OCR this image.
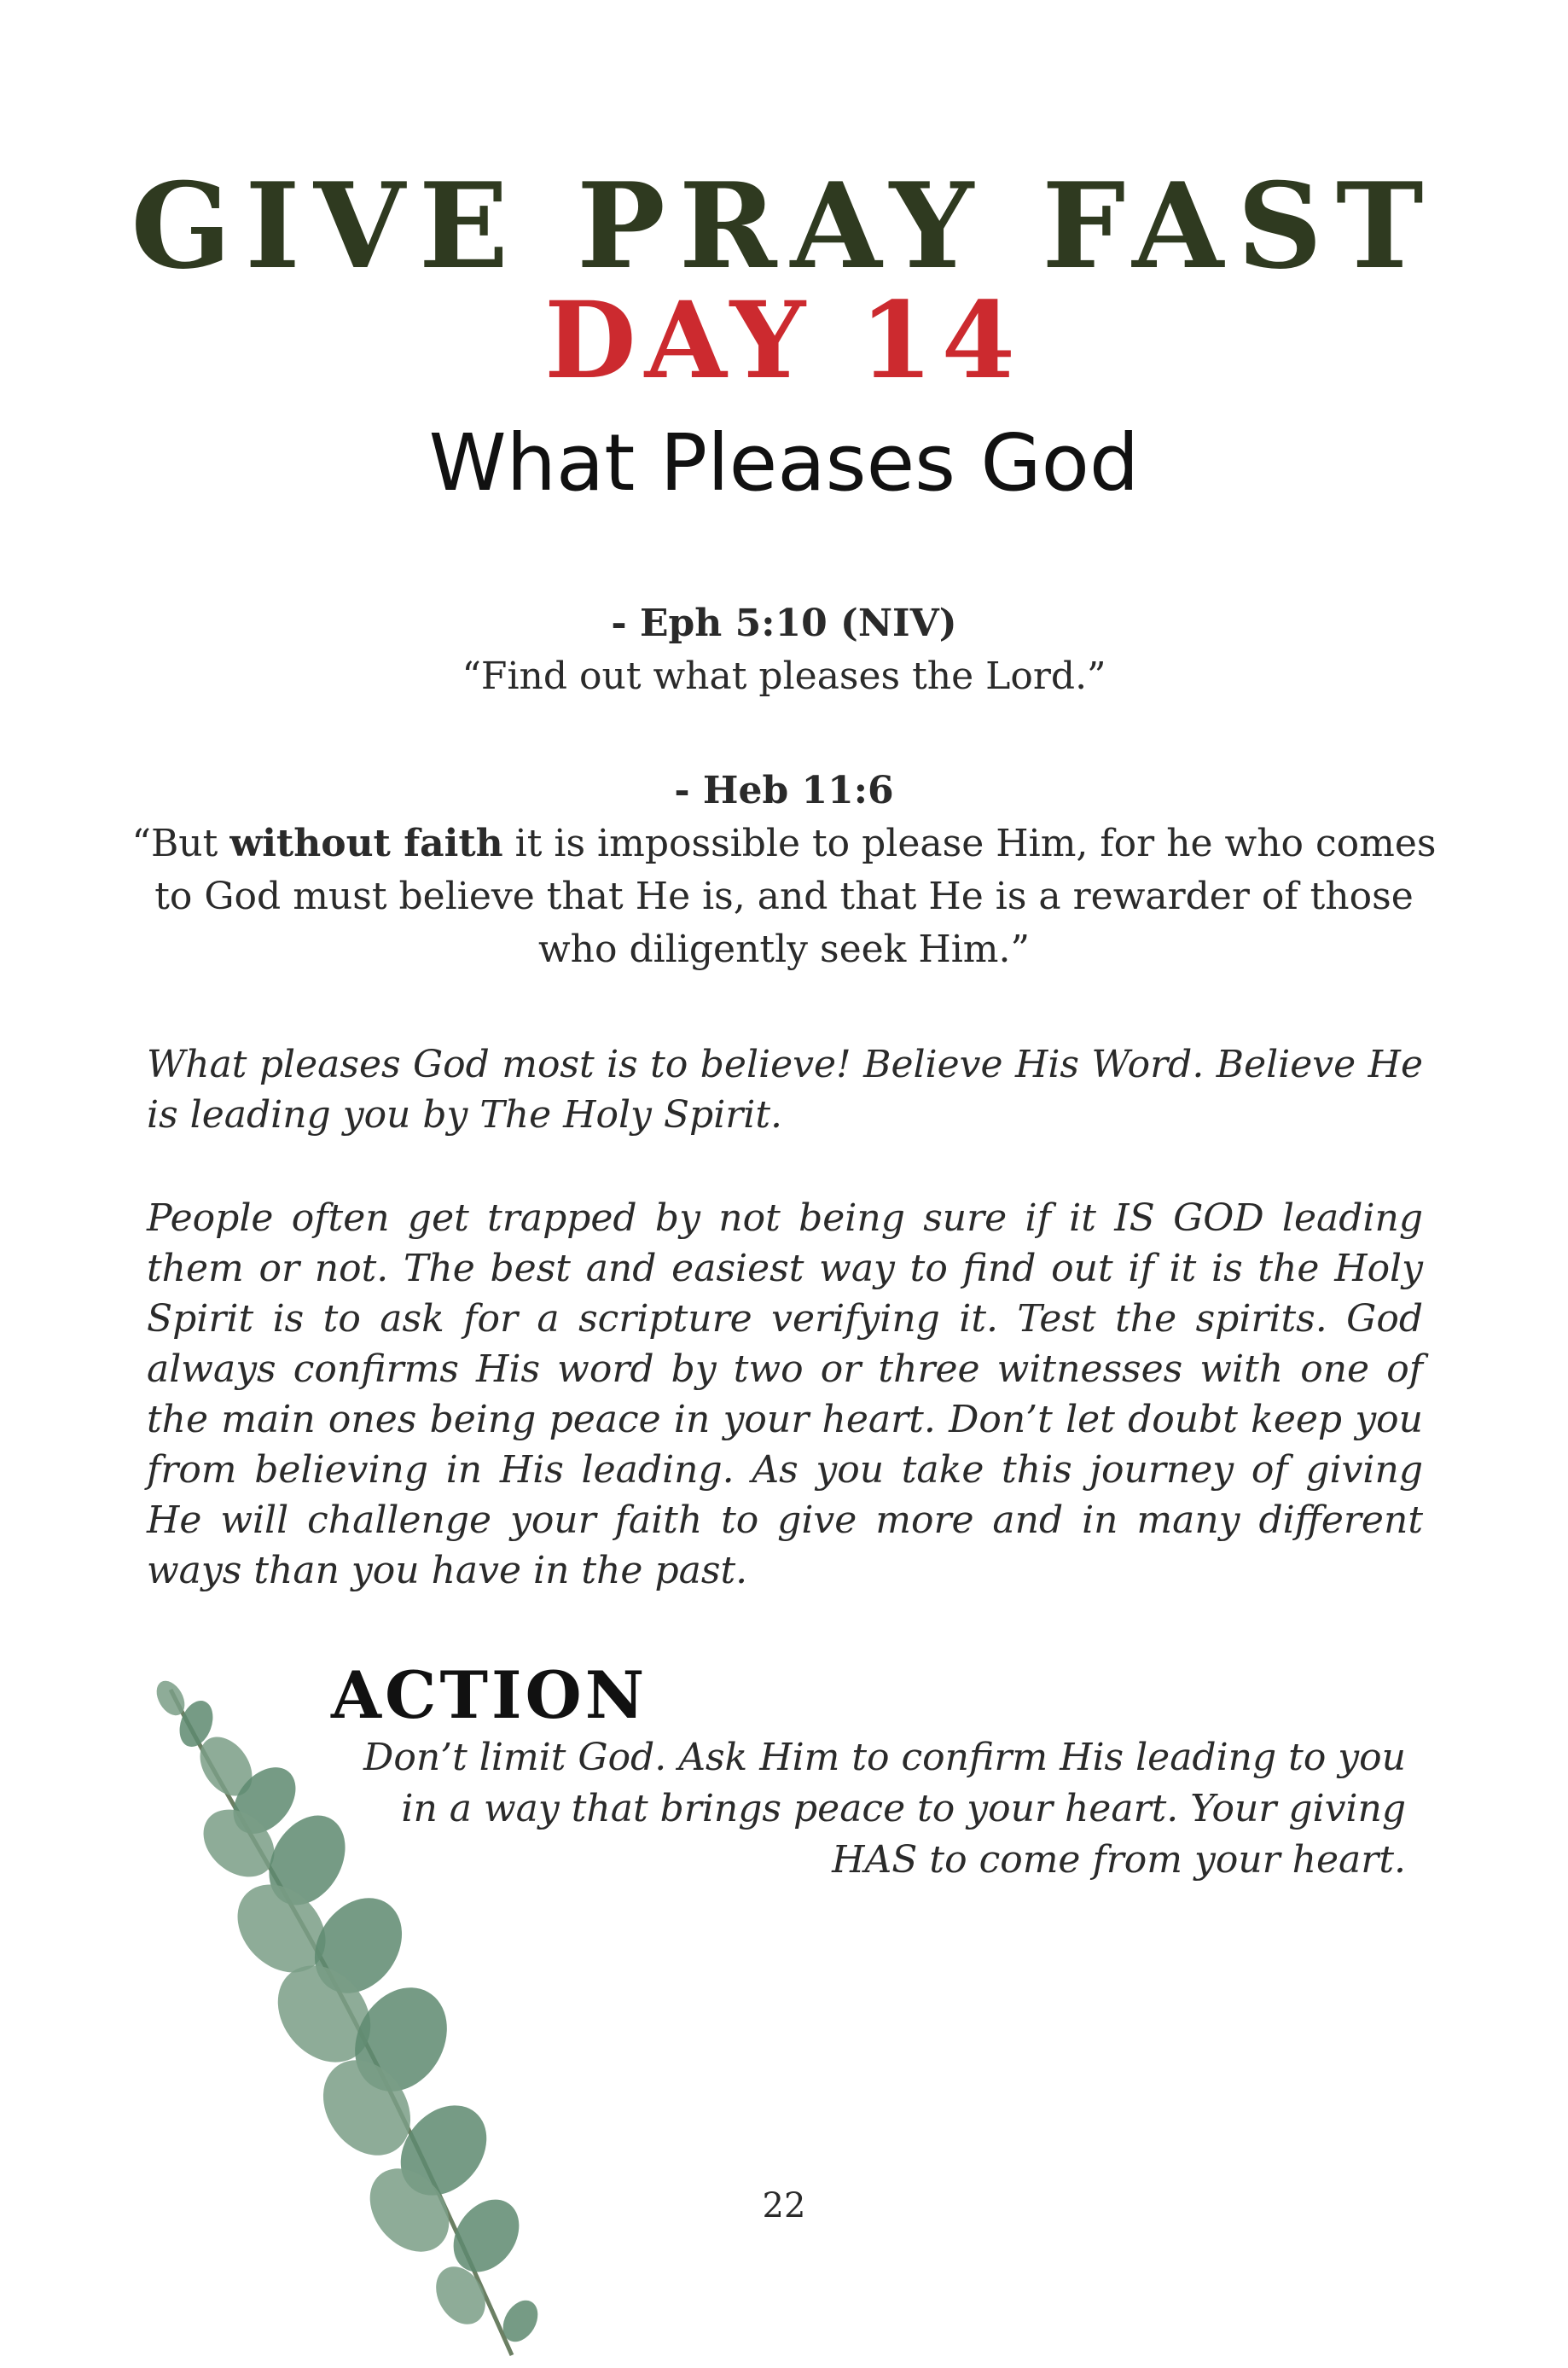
GIVE PRAY FAST
DAY 14
What Pleases God
- Eph 5:10 (NIV)
“Find out what pleases the Lord.”
- Heb 11:6
“But without faith it is impossible to please Him, for he who comes to God must believe that He is, and that He is a rewarder of those who diligently seek Him.”
What pleases God most is to believe! Believe His Word. Believe He is leading you by The Holy Spirit.
People often get trapped by not being sure if it IS GOD leading them or not. The best and easiest way to find out if it is the Holy Spirit is to ask for a scripture verifying it. Test the spirits. God always confirms His word by two or three witnesses with one of the main ones being peace in your heart. Don’t let doubt keep you from believing in His leading. As you take this journey of giving He will challenge your faith to give more and in many different ways than you have in the past.
ACTION
Don’t limit God. Ask Him to confirm His leading to you in a way that brings peace to your heart. Your giving HAS to come from your heart.
22
